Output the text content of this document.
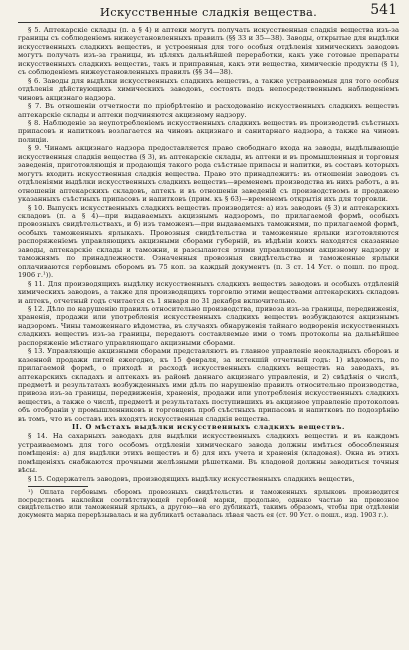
Искусственные сладкія вещества.	541

§ 5. Аптекарскіе склады (п. а § 4) и аптеки могутъ получать искусственныя сладкія вещества изъ-за границы съ соблюденіемъ нижеустановленныхъ правилъ (§§ 33 и 35—38). Заводы, открытые для выдѣлки искусственныхъ сладкихъ веществъ, и устроенныя для того особыя отдѣленія химическихъ заводовъ могутъ получать изъ-за границы, въ цѣляхъ дальнѣйшей переработки, какъ уже готовые препараты искусственныхъ сладкихъ веществъ, такъ и приправныя, какъ эти вещества, химическіе продукты (§ 1), съ соблюденіемъ нижеустановленныхъ правилъ (§§ 34—38).

§ 6. Заводы для выдѣлки искусственныхъ сладкихъ веществъ, а также устраиваемыя для того особыя отдѣленія дѣйствующихъ химическихъ заводовъ, состоять подъ непосредственнымъ наблюденіемъ чиновъ акцизнаго надзора.

§ 7. Въ отношеніи отчетности по пріобрѣтенію и расходованію искусственныхъ сладкихъ веществъ аптекарскіе склады и аптеки подчиняются акцизному надзору.

§ 8. Наблюденіе за неупотребленіемъ искусственныхъ сладкихъ веществъ въ производствѣ съѣстныхъ припасовъ и напитковъ возлагается на чиновъ акцизнаго и санитарнаго надзора, а также на чиновъ полиціи.

§ 9. Чинамъ акцизнаго надзора предоставляется право свободнаго входа на заводы, выдѣлывающіе искусственныя сладкія вещества (§ 3), въ аптекарскіе склады, въ аптеки и въ промышленныя и торговыя заведенія, приготовляющія и продающія такого рода съѣстные припасы и напитки, въ составъ которыхъ могутъ входить искусственныя сладкія вещества. Право это принадлежитъ: въ отношеніи заводовъ съ отдѣленіями выдѣлки искусственныхъ сладкихъ веществъ—временемъ производства въ нихъ работъ, а въ отношеніи аптекарскихъ складовъ, аптекъ и въ отношеніи заведеній съ производствомъ и продажею указанныхъ съѣстныхъ припасовъ и напитковъ (прим. къ § 63)—временемъ открытія ихъ для торговли.

§ 10. Выпускъ искусственныхъ сладкихъ веществъ производится: а) изъ заводовъ (§ 3) и аптекарскихъ складовъ (п. а § 4)—при выдаваемыхъ акцизнымъ надзоромъ, по прилагаемой формѣ, особыхъ провозныхъ свидѣтельствахъ, и б) изъ таможенъ—при выдаваемыхъ таможнями, по прилагаемой формѣ, особыхъ таможенныхъ ярлыкахъ. Провозныя свидѣтельства и таможенные ярлыки изготовляются распоряженіемъ управляющихъ акцизными сборами губерній, въ вѣдѣніи коихъ находятся сказанные заводы, аптекарскіе склады и таможни, и разсылаются этими управляющими акцизному надзору и таможнямъ по принадлежности. Означенныя провозныя свидѣтельства и таможенные ярлыки оплачиваются гербовымъ сборомъ въ 75 коп. за каждый документъ (п. 3 ст. 14 Уст. о пошл. по прод. 1906 г.¹)).

§ 11. Для производящихъ выдѣлку искусственныхъ сладкихъ веществъ заводовъ и особыхъ отдѣленій химическихъ заводовъ, а также для производящихъ торговлю этими веществами аптекарскихъ складовъ и аптекъ, отчетный годъ считается съ 1 января по 31 декабря включительно.

§ 12. Дѣло по нарушенію правилъ относительно производства, привоза изъ-за границы, передвиженія, храненія, продажи или употребленія искусственныхъ сладкихъ веществъ возбуждаются акцизнымъ надзоромъ. Чины таможеннаго вѣдомства, въ случаяхъ обнаруженія тайнаго водворенія искусственныхъ сладкихъ веществъ изъ-за границы, передаютъ составляемые ими о томъ протоколы на дальнѣйшее распоряженіе мѣстнаго управляющаго акцизными сборами.

§ 13. Управляющіе акцизными сборами представляютъ въ главное управленіе неокладныхъ сборовъ и казенной продажи питей ежегодно, къ 15 февраля, за истекшій отчетный годъ: 1) вѣдомость, по прилагаемой формѣ, о приходѣ и расходѣ искусственныхъ сладкихъ веществъ на заводахъ, въ аптекарскихъ складахъ и аптекахъ въ районѣ даннаго акцизнаго управленія, и 2) свѣдѣнія о числѣ, предметѣ и результатахъ возбужденныхъ ими дѣлъ по нарушенію правилъ относительно производства, привоза изъ-за границы, передвиженія, храненія, продажи или употребленія искусственныхъ сладкихъ веществъ, а также о числѣ, предметѣ и результатахъ поступившихъ въ акцизное управленіе протоколовъ объ отобраніи у промышленниковъ и торговцевъ проб съѣстныхъ припасовъ и напитковъ по подозрѣнію въ томъ, что въ составъ ихъ входятъ искусственныя сладкія вещества.

II. О мѣстахъ выдѣлки искусственныхъ сладкихъ веществъ.

§ 14. На сахарныхъ заводахъ для выдѣлки искусственныхъ сладкихъ веществъ и въ каждомъ устраиваемомъ для того особомъ отдѣленіи химическаго завода должны имѣться обособленныя помѣщенія: а) для выдѣлки этихъ веществъ и б) для ихъ учета и храненія (кладовая). Окна въ этихъ помѣщеніяхъ снабжаются прочными желѣзными рѣшетками. Въ кладовой должны заводиться точныя вѣсы.

§ 15. Содержателъ заводовъ, производящихъ выдѣлку искусственныхъ сладкихъ веществъ,

¹) Оплата гербовымъ сборомъ провозныхъ свидѣтельствъ и таможенныхъ ярлыковъ производится посредствомъ наклейки соотвѣтствующей гербовой марки, продольно, однако частью на провозное свидѣтельство или таможенный ярлыкъ, а другою—на его дубликатѣ, такимъ образомъ, чтобы при отдѣленіи документа марка перерѣзывалась и на дубликатѣ оставалась лѣвая часть ея (ст. 90 Уст. о пошл., изд. 1903 г.).
